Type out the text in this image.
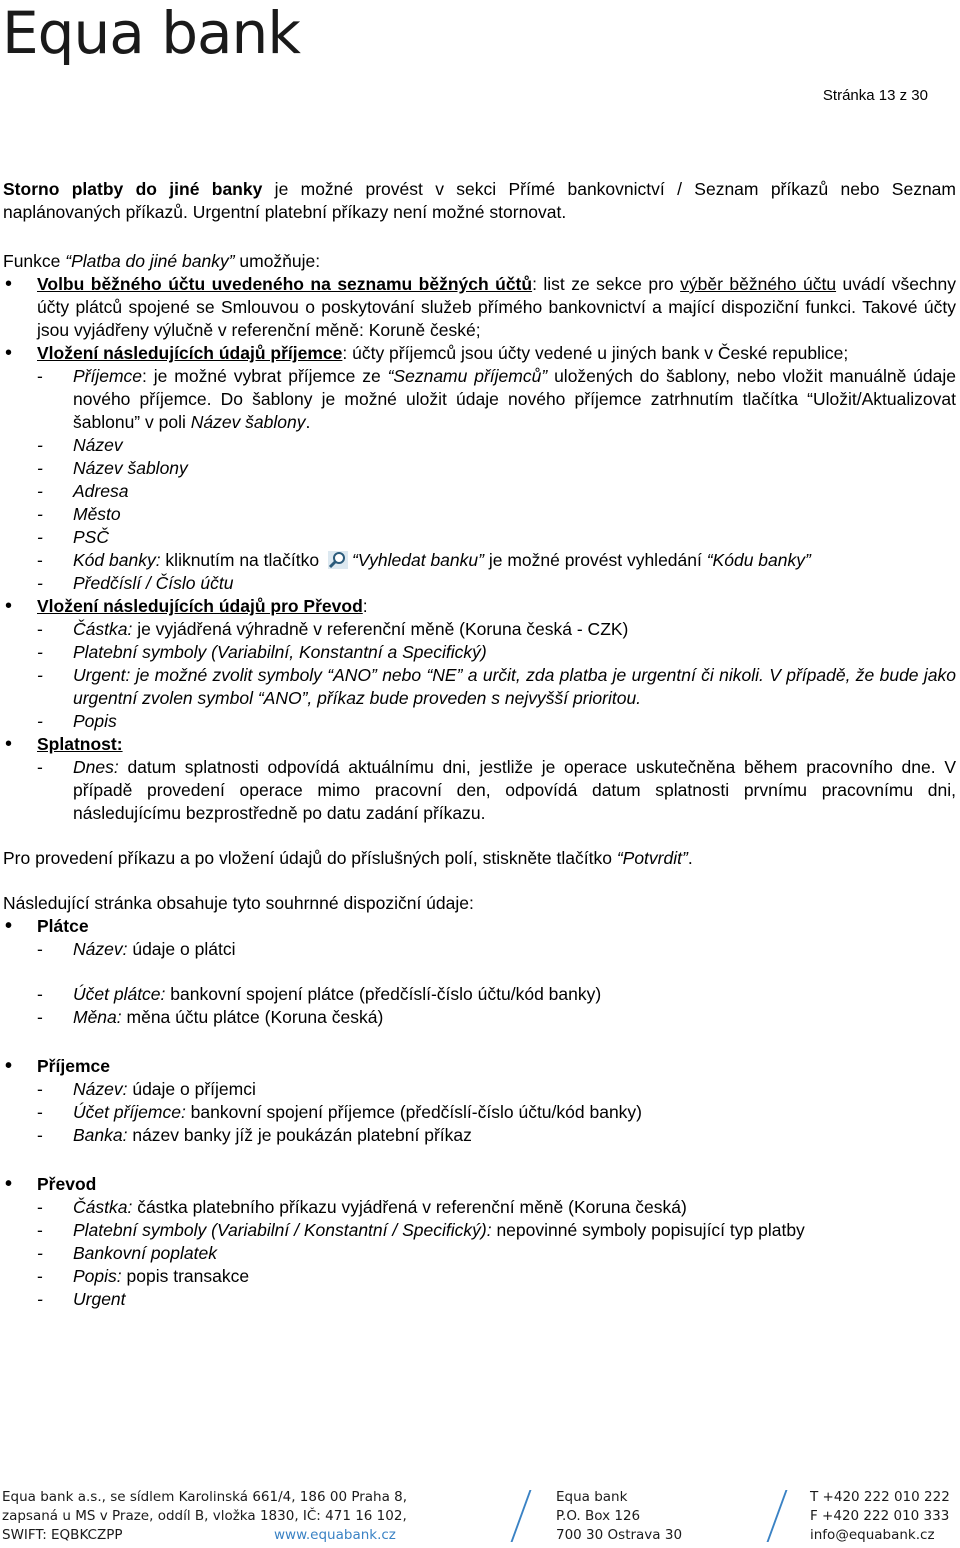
Equa bank
Stránka 13 z 30

Storno platby do jiné banky je možné provést v sekci Přímé bankovnictví / Seznam příkazů nebo Seznam naplánovaných příkazů. Urgentní platební příkazy není možné stornovat.

Funkce “Platba do jiné banky” umožňuje:

• Volbu běžného účtu uvedeného na seznamu běžných účtů: list ze sekce pro výběr běžného účtu uvádí všechny účty plátců spojené se Smlouvou o poskytování služeb přímého bankovnictví a mající dispoziční funkci. Takové účty jsou vyjádřeny výlučně v referenční měně: Koruně české;

• Vložení následujících údajů příjemce: účty příjemců jsou účty vedené u jiných bank v České republice;

- Příjemce: je možné vybrat příjemce ze “Seznamu příjemců” uložených do šablony, nebo vložit manuálně údaje nového příjemce. Do šablony je možné uložit údaje nového příjemce zatrhnutím tlačítka “Uložit/Aktualizovat šablonu” v poli Název šablony.

- Název

- Název šablony

- Adresa

- Město

- PSČ

- Kód banky: kliknutím na tlačítko “Vyhledat banku” je možné provést vyhledání “Kódu banky”

- Předčíslí / Číslo účtu

• Vložení následujících údajů pro Převod:

- Částka: je vyjádřená výhradně v referenční měně (Koruna česká - CZK)

- Platební symboly (Variabilní, Konstantní a Specifický)

- Urgent: je možné zvolit symboly “ANO” nebo “NE” a určit, zda platba je urgentní či nikoli. V případě, že bude jako urgentní zvolen symbol “ANO”, příkaz bude proveden s nejvyšší prioritou.

- Popis

• Splatnost:

- Dnes: datum splatnosti odpovídá aktuálnímu dni, jestliže je operace uskutečněna během pracovního dne. V případě provedení operace mimo pracovní den, odpovídá datum splatnosti prvnímu pracovnímu dni, následujícímu bezprostředně po datu zadání příkazu.

Pro provedení příkazu a po vložení údajů do příslušných polí, stiskněte tlačítko “Potvrdit”.

Následující stránka obsahuje tyto souhrnné dispoziční údaje:

• Plátce

- Název: údaje o plátci

- Účet plátce: bankovní spojení plátce (předčíslí-číslo účtu/kód banky)

- Měna: měna účtu plátce (Koruna česká)

• Příjemce

- Název: údaje o příjemci

- Účet příjemce: bankovní spojení příjemce (předčíslí-číslo účtu/kód banky)

- Banka: název banky jíž je poukázán platební příkaz

• Převod

- Částka: částka platebního příkazu vyjádřená v referenční měně (Koruna česká)

- Platební symboly (Variabilní / Konstantní / Specifický): nepovinné symboly popisující typ platby

- Bankovní poplatek

- Popis: popis transakce

- Urgent

Equa bank a.s., se sídlem Karolinská 661/4, 186 00 Praha 8,
zapsaná u MS v Praze, oddíl B, vložka 1830, IČ: 471 16 102,
SWIFT: EQBKCZPP	www.equabank.cz
Equa bank
P.O. Box 126
700 30 Ostrava 30
T +420 222 010 222
F +420 222 010 333
info@equabank.cz
